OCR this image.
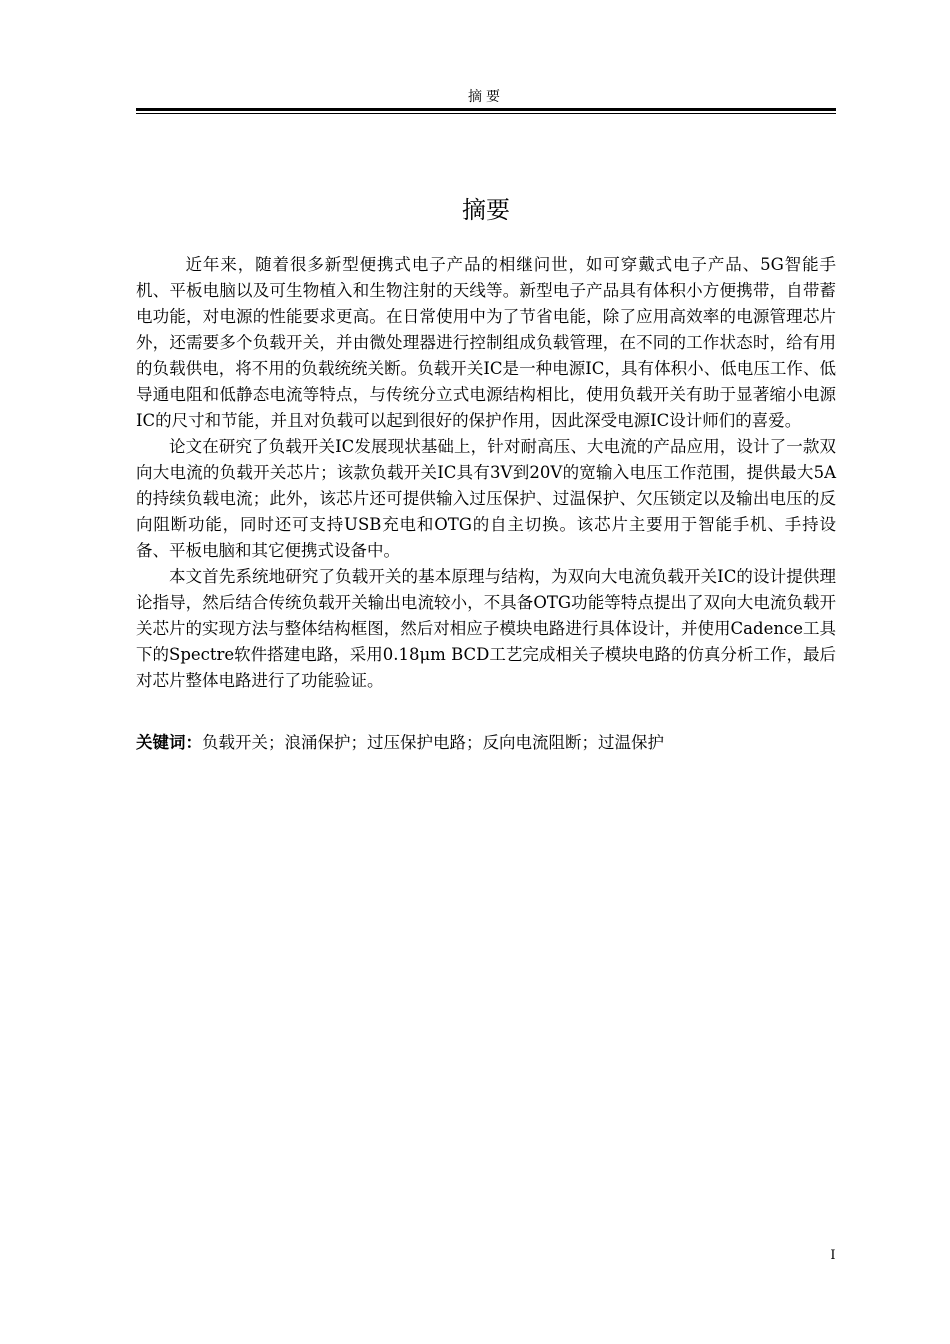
摘要
摘要

近年来，随着很多新型便携式电子产品的相继问世，如可穿戴式电子产品、5G智能手机、平板电脑以及可生物植入和生物注射的天线等。新型电子产品具有体积小方便携带，自带蓄电功能，对电源的性能要求更高。在日常使用中为了节省电能，除了应用高效率的电源管理芯片外，还需要多个负载开关，并由微处理器进行控制组成负载管理，在不同的工作状态时，给有用的负载供电，将不用的负载统统关断。负载开关IC是一种电源IC，具有体积小、低电压工作、低导通电阻和低静态电流等特点，与传统分立式电源结构相比，使用负载开关有助于显著缩小电源IC的尺寸和节能，并且对负载可以起到很好的保护作用，因此深受电源IC设计师们的喜爱。

论文在研究了负载开关IC发展现状基础上，针对耐高压、大电流的产品应用，设计了一款双向大电流的负载开关芯片；该款负载开关IC具有3V到20V的宽输入电压工作范围，提供最大5A的持续负载电流；此外，该芯片还可提供输入过压保护、过温保护、欠压锁定以及输出电压的反向阻断功能，同时还可支持USB充电和OTG的自主切换。该芯片主要用于智能手机、手持设备、平板电脑和其它便携式设备中。

本文首先系统地研究了负载开关的基本原理与结构，为双向大电流负载开关IC的设计提供理论指导，然后结合传统负载开关输出电流较小，不具备OTG功能等特点提出了双向大电流负载开关芯片的实现方法与整体结构框图，然后对相应子模块电路进行具体设计，并使用Cadence工具下的Spectre软件搭建电路，采用0.18μm BCD工艺完成相关子模块电路的仿真分析工作，最后对芯片整体电路进行了功能验证。

关键词：负载开关；浪涌保护；过压保护电路；反向电流阻断；过温保护
I
